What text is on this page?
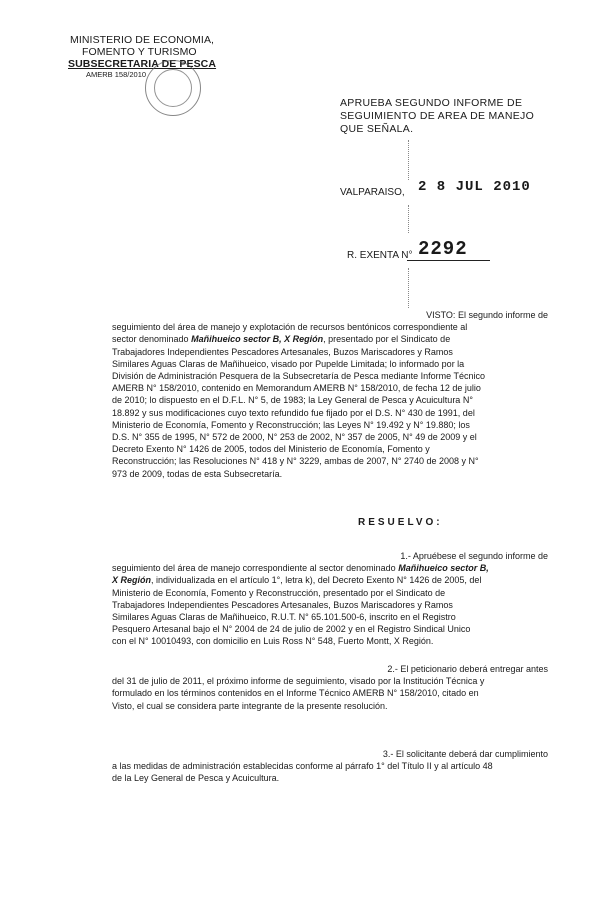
MINISTERIO DE ECONOMIA,
FOMENTO Y TURISMO
SUBSECRETARIA DE PESCA
AMERB 158/2010
APRUEBA SEGUNDO INFORME DE
SEGUIMIENTO DE AREA DE MANEJO
QUE SEÑALA.
VALPARAISO, 2 8 JUL 2010
R. EXENTA N° 2292
VISTO: El segundo informe de
seguimiento del área de manejo y explotación de recursos bentónicos correspondiente al
sector denominado Mañihueico sector B, X Región, presentado por el Sindicato de
Trabajadores Independientes Pescadores Artesanales, Buzos Mariscadores y Ramos
Similares Aguas Claras de Mañihueico, visado por Pupelde Limitada; lo informado por la
División de Administración Pesquera de la Subsecretaría de Pesca mediante Informe Técnico
AMERB N° 158/2010, contenido en Memorandum AMERB N° 158/2010, de fecha 12 de julio
de 2010; lo dispuesto en el D.F.L. N° 5, de 1983; la Ley General de Pesca y Acuicultura N°
18.892 y sus modificaciones cuyo texto refundido fue fijado por el D.S. N° 430 de 1991, del
Ministerio de Economía, Fomento y Reconstrucción; las Leyes N° 19.492 y N° 19.880; los
D.S. N° 355 de 1995, N° 572 de 2000, N° 253 de 2002, N° 357 de 2005, N° 49 de 2009 y el
Decreto Exento N° 1426 de 2005, todos del Ministerio de Economía, Fomento y
Reconstrucción; las Resoluciones N° 418 y N° 3229, ambas de 2007, N° 2740 de 2008 y N°
973 de 2009, todas de esta Subsecretaría.
RESUELVO:
1.- Apruébese el segundo informe de
seguimiento del área de manejo correspondiente al sector denominado Mañihueico sector B,
X Región, individualizada en el artículo 1°, letra k), del Decreto Exento N° 1426 de 2005, del
Ministerio de Economía, Fomento y Reconstrucción, presentado por el Sindicato de
Trabajadores Independientes Pescadores Artesanales, Buzos Mariscadores y Ramos
Similares Aguas Claras de Mañihueico, R.U.T. N° 65.101.500-6, inscrito en el Registro
Pesquero Artesanal bajo el N° 2004 de 24 de julio de 2002 y en el Registro Sindical Unico
con el N° 10010493, con domicilio en Luis Ross N° 548, Fuerto Montt, X Región.
2.- El peticionario deberá entregar antes
del 31 de julio de 2011, el próximo informe de seguimiento, visado por la Institución Técnica y
formulado en los términos contenidos en el Informe Técnico AMERB N° 158/2010, citado en
Visto, el cual se considera parte integrante de la presente resolución.
3.- El solicitante deberá dar cumplimiento
a las medidas de administración establecidas conforme al párrafo 1° del Título II y al artículo 48
de la Ley General de Pesca y Acuicultura.
